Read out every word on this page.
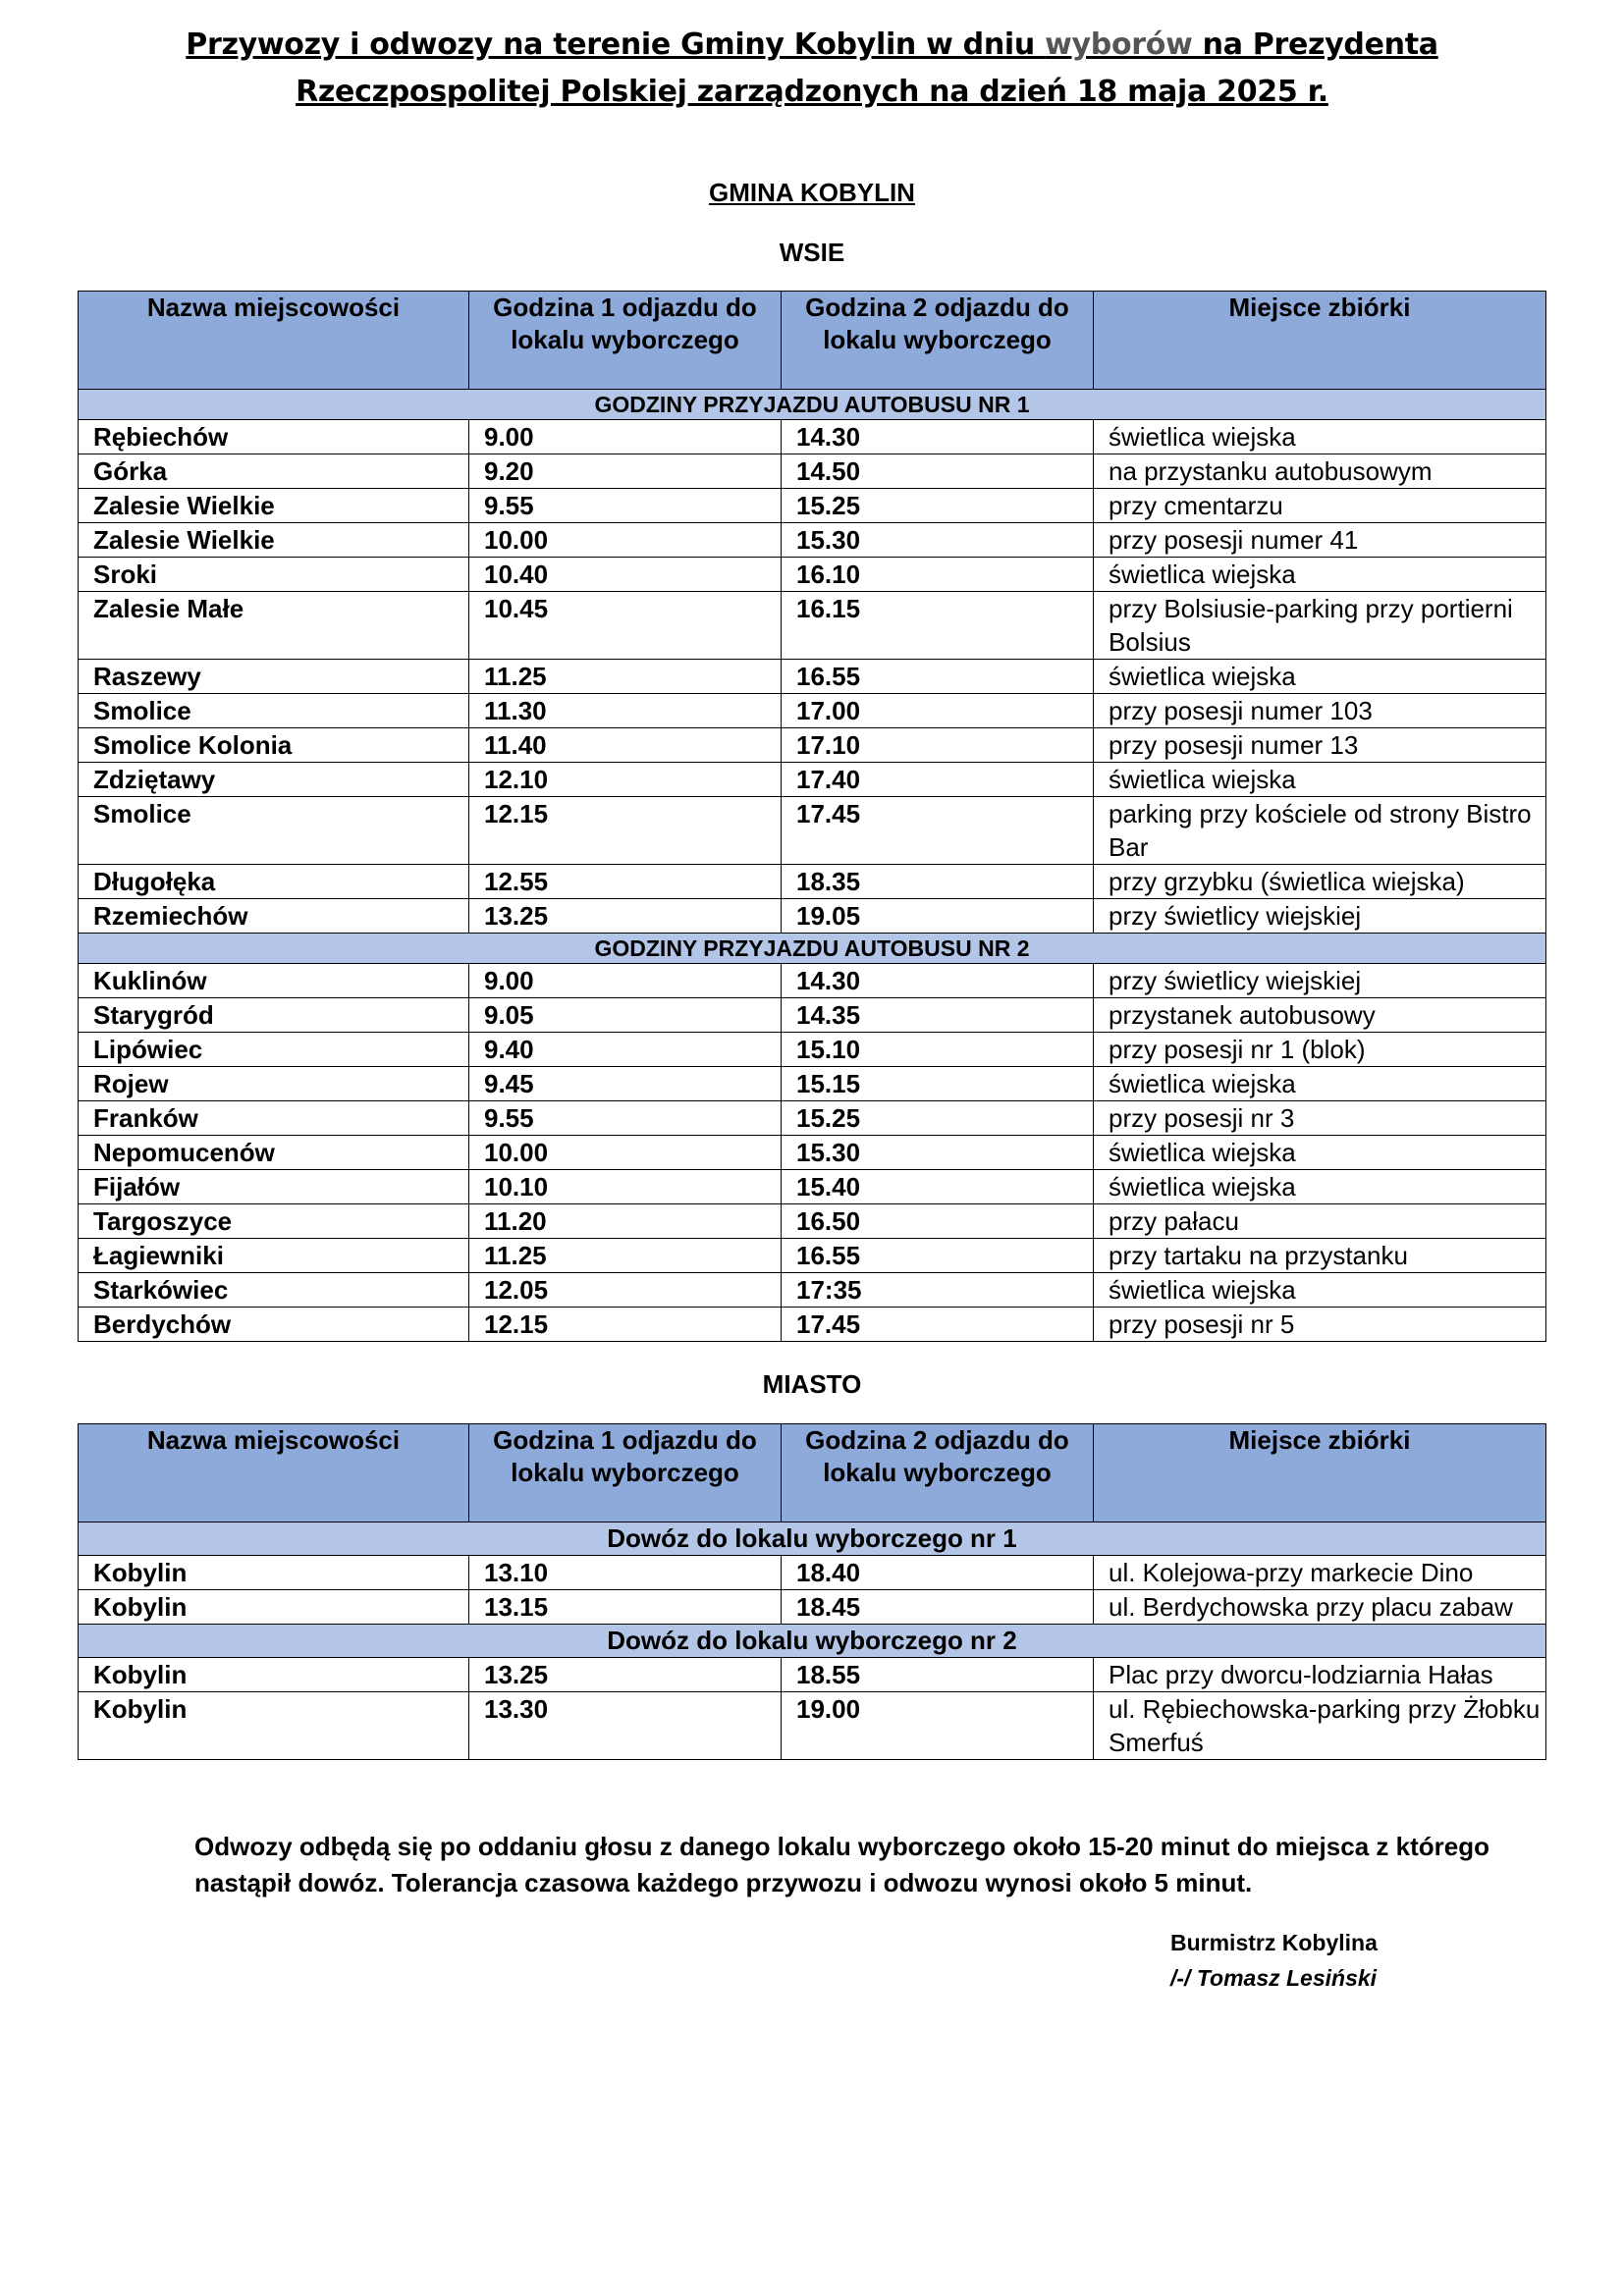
Przywozy i odwozy na terenie Gminy Kobylin w dniu wyborów na Prezydenta
Rzeczpospolitej Polskiej zarządzonych na dzień 18 maja 2025 r.
GMINA KOBYLIN
WSIE
Nazwa miejscowości	Godzina 1 odjazdu do lokalu wyborczego	Godzina 2 odjazdu do lokalu wyborczego	Miejsce zbiórki
GODZINY PRZYJAZDU AUTOBUSU NR 1			
Rębiechów	9.00	14.30	świetlica wiejska
Górka	9.20	14.50	na przystanku autobusowym
Zalesie Wielkie	9.55	15.25	przy cmentarzu
Zalesie Wielkie	10.00	15.30	przy posesji numer 41
Sroki	10.40	16.10	świetlica wiejska
Zalesie Małe	10.45	16.15	przy Bolsiusie-parking przy portierni Bolsius
Raszewy	11.25	16.55	świetlica wiejska
Smolice	11.30	17.00	przy posesji numer 103
Smolice Kolonia	11.40	17.10	przy posesji numer 13
Zdziętawy	12.10	17.40	świetlica wiejska
Smolice	12.15	17.45	parking przy kościele od strony Bistro Bar
Długołęka	12.55	18.35	przy grzybku (świetlica wiejska)
Rzemiechów	13.25	19.05	przy świetlicy wiejskiej
GODZINY PRZYJAZDU AUTOBUSU NR 2			
Kuklinów	9.00	14.30	przy świetlicy wiejskiej
Starygród	9.05	14.35	przystanek autobusowy
Lipówiec	9.40	15.10	przy posesji nr 1 (blok)
Rojew	9.45	15.15	świetlica wiejska
Franków	9.55	15.25	przy posesji nr 3
Nepomucenów	10.00	15.30	świetlica wiejska
Fijałów	10.10	15.40	świetlica wiejska
Targoszyce	11.20	16.50	przy pałacu
Łagiewniki	11.25	16.55	przy tartaku na przystanku
Starkówiec	12.05	17:35	świetlica wiejska
Berdychów	12.15	17.45	przy posesji nr 5
MIASTO
Nazwa miejscowości	Godzina 1 odjazdu do lokalu wyborczego	Godzina 2 odjazdu do lokalu wyborczego	Miejsce zbiórki
Dowóz do lokalu wyborczego nr 1			
Kobylin	13.10	18.40	ul. Kolejowa-przy markecie Dino
Kobylin	13.15	18.45	ul. Berdychowska przy placu zabaw
Dowóz do lokalu wyborczego nr 2			
Kobylin	13.25	18.55	Plac przy dworcu-lodziarnia Hałas
Kobylin	13.30	19.00	ul. Rębiechowska-parking przy Żłobku Smerfuś
Odwozy odbędą się po oddaniu głosu z danego lokalu wyborczego około 15-20 minut do miejsca z którego nastąpił dowóz. Tolerancja czasowa każdego przywozu i odwozu wynosi około 5 minut.
Burmistrz Kobylina
/-/ Tomasz Lesiński
